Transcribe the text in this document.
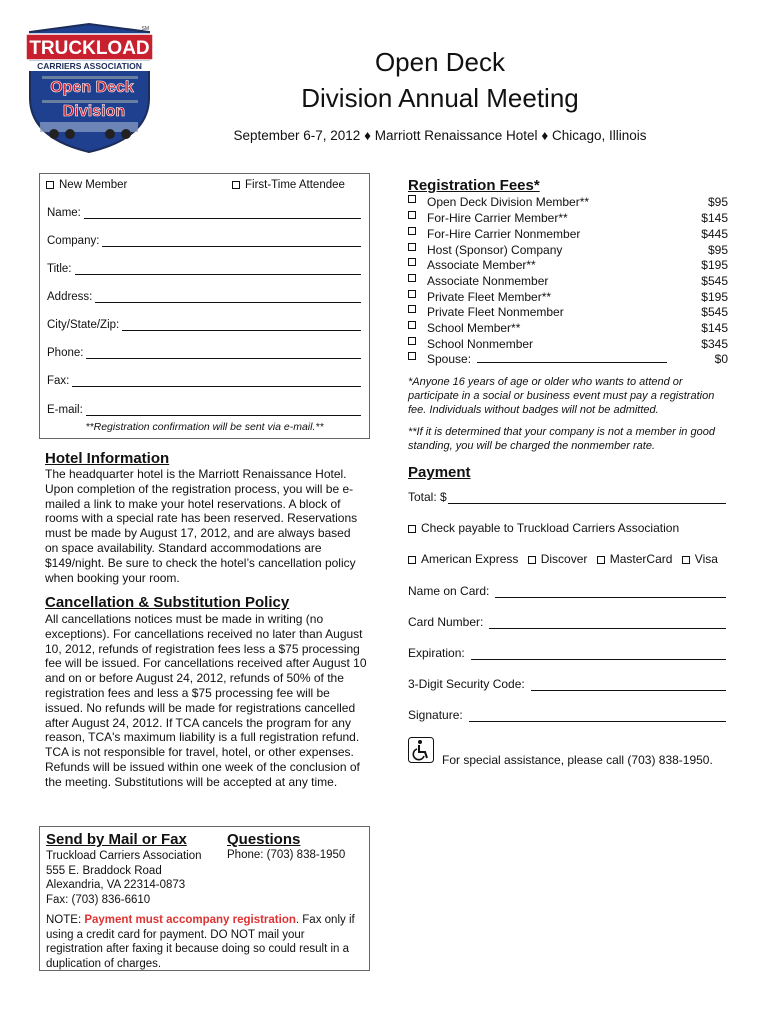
TRUCKLOAD
SM
CARRIERS ASSOCIATION
Open Deck
Division
Open Deck
Division Annual Meeting
September 6-7, 2012 ♦ Marriott Renaissance Hotel ♦ Chicago, Illinois
New Member	First-Time Attendee
Name:
Company:
Title:
Address:
City/State/Zip:
Phone:
Fax:
E-mail:
**Registration confirmation will be sent via e-mail.**
Hotel Information
The headquarter hotel is the Marriott Renaissance Hotel. Upon completion of the registration process, you will be e-mailed a link to make your hotel reservations. A block of rooms with a special rate has been reserved. Reservations must be made by August 17, 2012, and are always based on space availability. Standard accommodations are $149/night. Be sure to check the hotel’s cancellation policy when booking your room.
Cancellation & Substitution Policy
All cancellations notices must be made in writing (no exceptions). For cancellations received no later than August 10, 2012, refunds of registration fees less a $75 processing fee will be issued. For cancellations received after August 10 and on or before August 24, 2012, refunds of 50% of the registration fees and less a $75 processing fee will be issued. No refunds will be made for registrations cancelled after August 24, 2012. If TCA cancels the program for any reason, TCA's maximum liability is a full registration refund. TCA is not responsible for travel, hotel, or other expenses. Refunds will be issued within one week of the conclusion of the meeting. Substitutions will be accepted at any time.
Send by Mail or Fax
Truckload Carriers Association
555 E. Braddock Road
Alexandria, VA 22314-0873
Fax: (703) 836-6610
Questions
Phone: (703) 838-1950
NOTE: Payment must accompany registration. Fax only if using a credit card for payment. DO NOT mail your registration after faxing it because doing so could result in a duplication of charges.
Registration Fees*
Open Deck Division Member**	$95
For-Hire Carrier Member**	$145
For-Hire Carrier Nonmember	$445
Host (Sponsor) Company	$95
Associate Member**	$195
Associate Nonmember	$545
Private Fleet Member**	$195
Private Fleet Nonmember	$545
School Member**	$145
School Nonmember	$345
Spouse:	$0
*Anyone 16 years of age or older who wants to attend or participate in a social or business event must pay a registration fee. Individuals without badges will not be admitted.
**If it is determined that your company is not a member in good standing, you will be charged the nonmember rate.
Payment
Total: $
Check payable to Truckload Carriers Association
American Express Discover MasterCard Visa
Name on Card:
Card Number:
Expiration:
3-Digit Security Code:
Signature:
For special assistance, please call (703) 838-1950.
